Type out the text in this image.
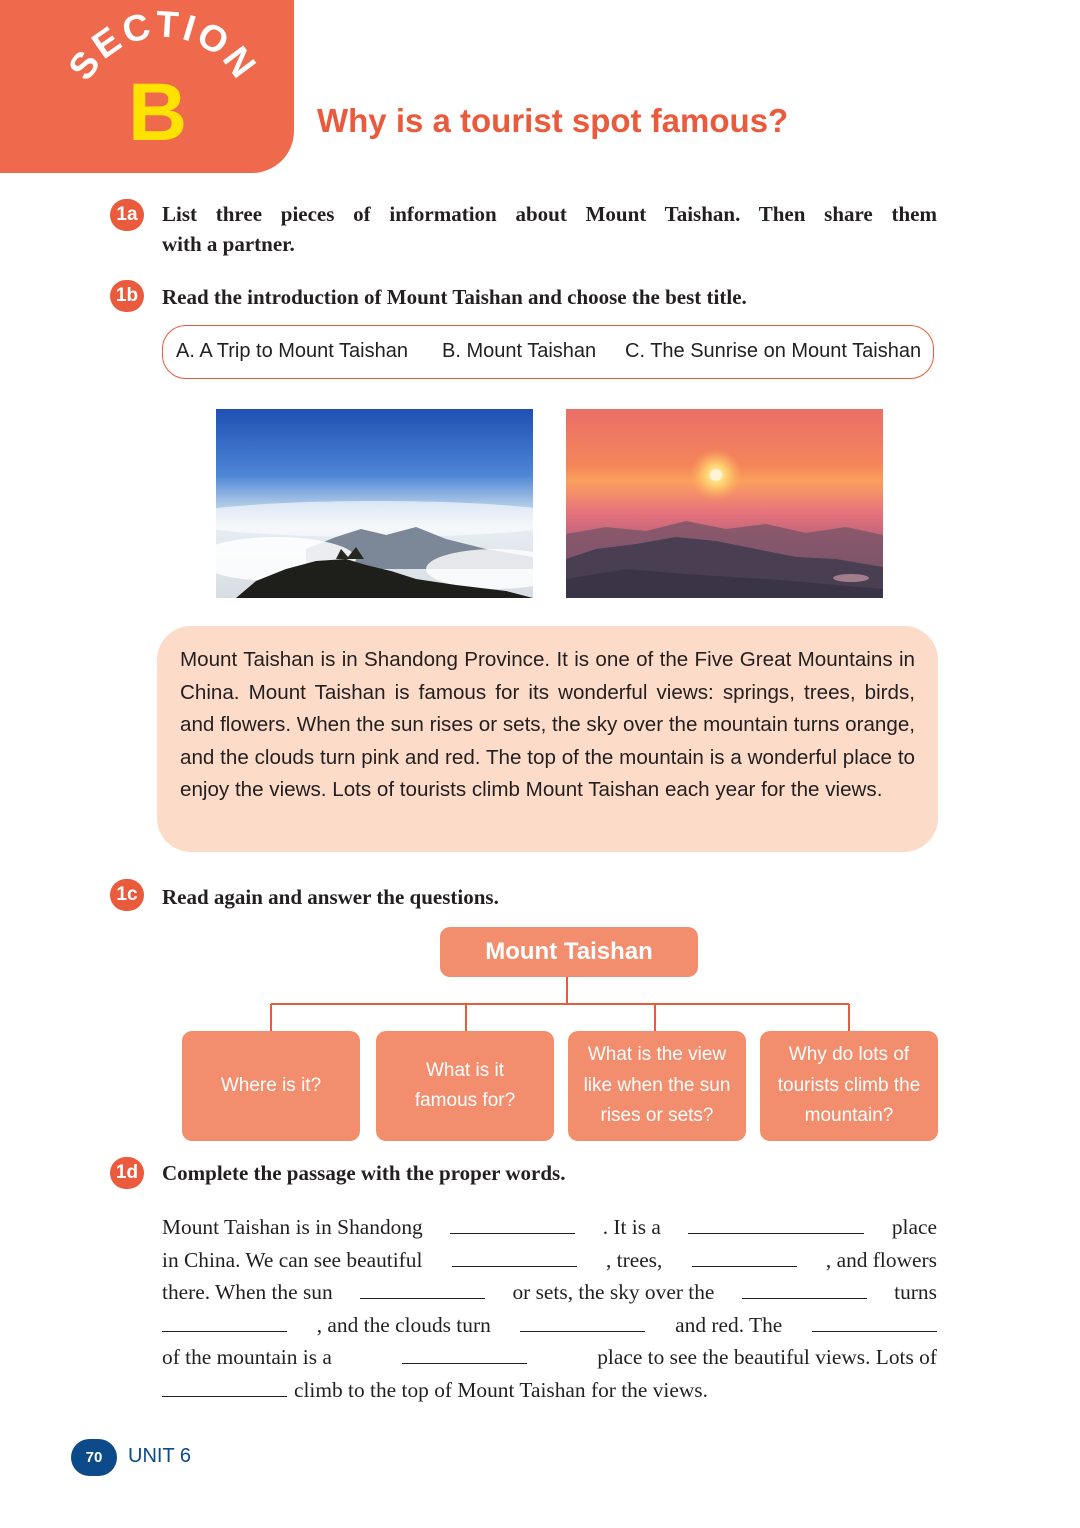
SECTION
B	Why is a tourist spot famous?
1a	List three pieces of information about Mount Taishan. Then share them
with a partner.
1b Read the introduction of Mount Taishan and choose the best title.
A. A Trip to Mount Taishan B. Mount Taishan C. The Sunrise on Mount Taishan
Mount Taishan is in Shandong Province. It is one of the Five Great Mountains in China. Mount Taishan is famous for its wonderful views: springs, trees, birds, and flowers. When the sun rises or sets, the sky over the mountain turns orange, and the clouds turn pink and red. The top of the mountain is a wonderful place to enjoy the views. Lots of tourists climb Mount Taishan each year for the views.
1c	Read again and answer the questions.
Mount Taishan
Where is it?
What is it famous for?
What is the view like when the sun rises or sets?
Why do lots of tourists climb the mountain?
1d Complete the passage with the proper words.
Mount Taishan is in Shandong	. It is a	place
in China. We can see beautiful	, trees,	, and flowers
there. When the sun	or sets, the sky over the	turns
, and the clouds turn	and red. The
of the mountain is a	place to see the beautiful views. Lots of
climb to the top of Mount Taishan for the views.
70	UNIT 6
